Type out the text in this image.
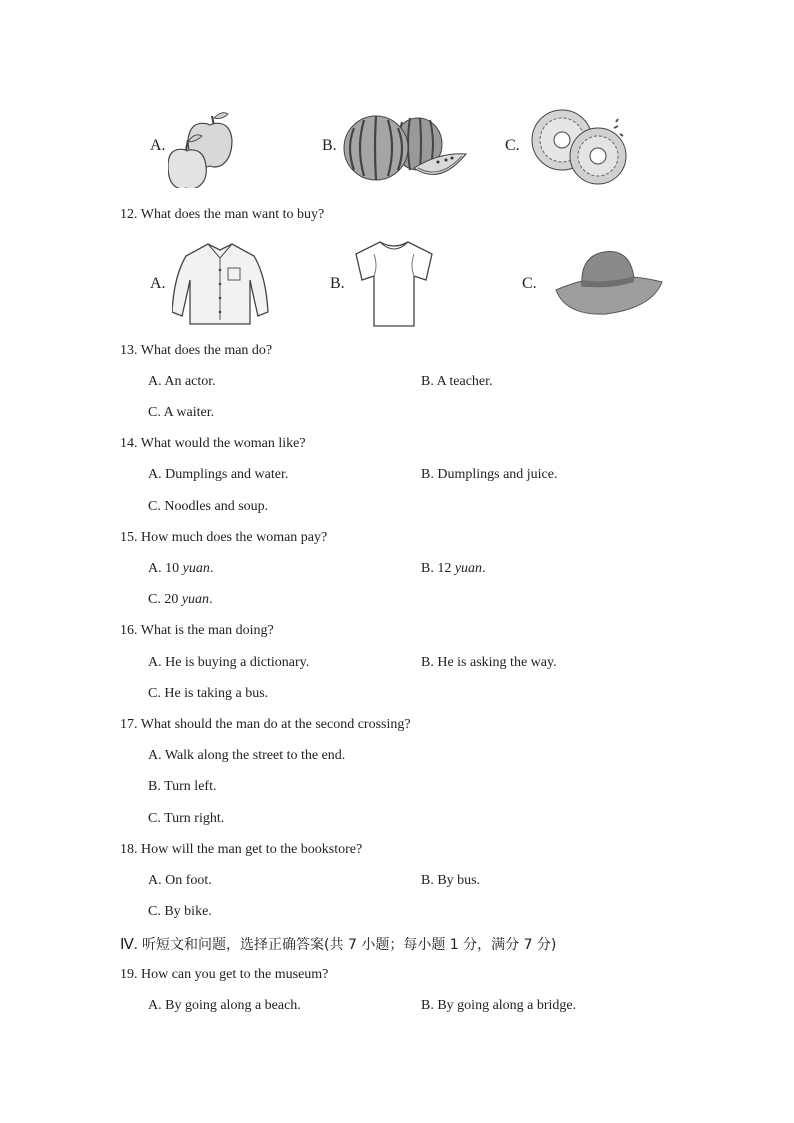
A.	B.	C.
12. What does the man want to buy?
A.	B.	C.
13. What does the man do?
A. An actor.	B. A teacher.
C. A waiter.
14. What would the woman like?
A. Dumplings and water.	B. Dumplings and juice.
C. Noodles and soup.
15. How much does the woman pay?
A. 10 yuan.	B. 12 yuan.
C. 20 yuan.
16. What is the man doing?
A. He is buying a dictionary.	B. He is asking the way.
C. He is taking a bus.
17. What should the man do at the second crossing?
A. Walk along the street to the end.
B. Turn left.
C. Turn right.
18. How will the man get to the bookstore?
A. On foot.	B. By bus.
C. By bike.
Ⅳ. 听短文和问题，选择正确答案(共 7 小题；每小题 1 分，满分 7 分)
19. How can you get to the museum?
A. By going along a beach.	B. By going along a bridge.
